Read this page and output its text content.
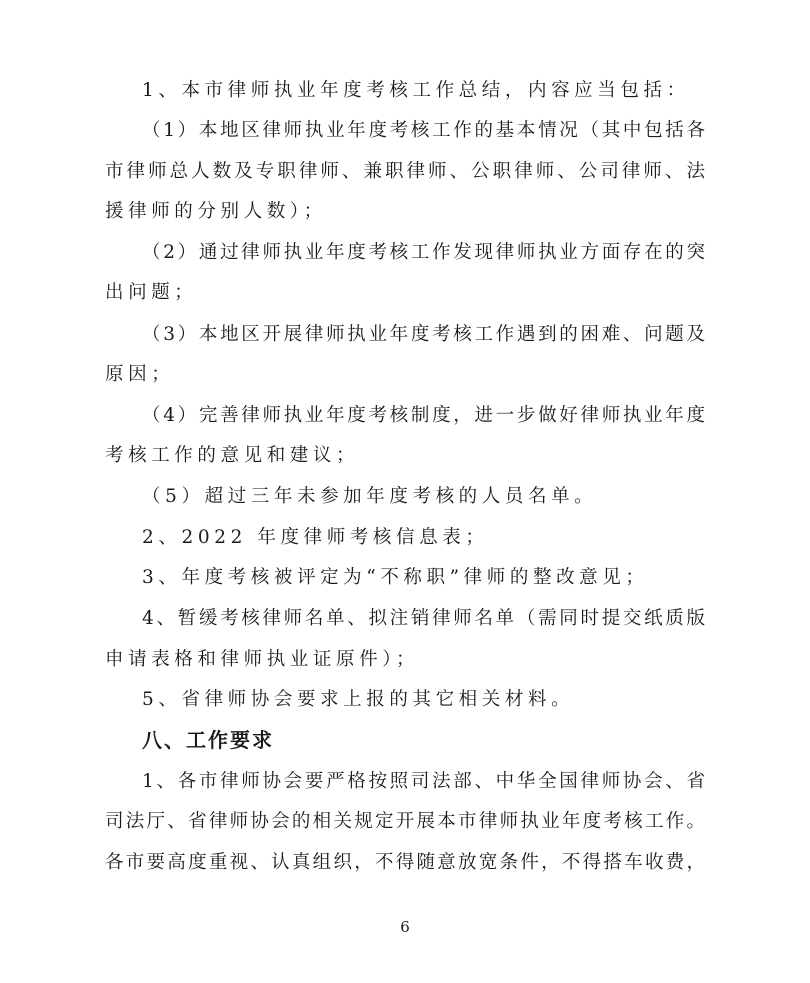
1、本市律师执业年度考核工作总结，内容应当包括：
（1）本地区律师执业年度考核工作的基本情况（其中包括各
市律师总人数及专职律师、兼职律师、公职律师、公司律师、法
援律师的分别人数）；
（2）通过律师执业年度考核工作发现律师执业方面存在的突
出问题；
（3）本地区开展律师执业年度考核工作遇到的困难、问题及
原因；
（4）完善律师执业年度考核制度，进一步做好律师执业年度
考核工作的意见和建议；
（5）超过三年未参加年度考核的人员名单。
2、2022 年度律师考核信息表；
3、年度考核被评定为“不称职”律师的整改意见；
4、暂缓考核律师名单、拟注销律师名单（需同时提交纸质版
申请表格和律师执业证原件）；
5、省律师协会要求上报的其它相关材料。
八、工作要求
1、各市律师协会要严格按照司法部、中华全国律师协会、省
司法厅、省律师协会的相关规定开展本市律师执业年度考核工作。
各市要高度重视、认真组织，不得随意放宽条件，不得搭车收费，
6
